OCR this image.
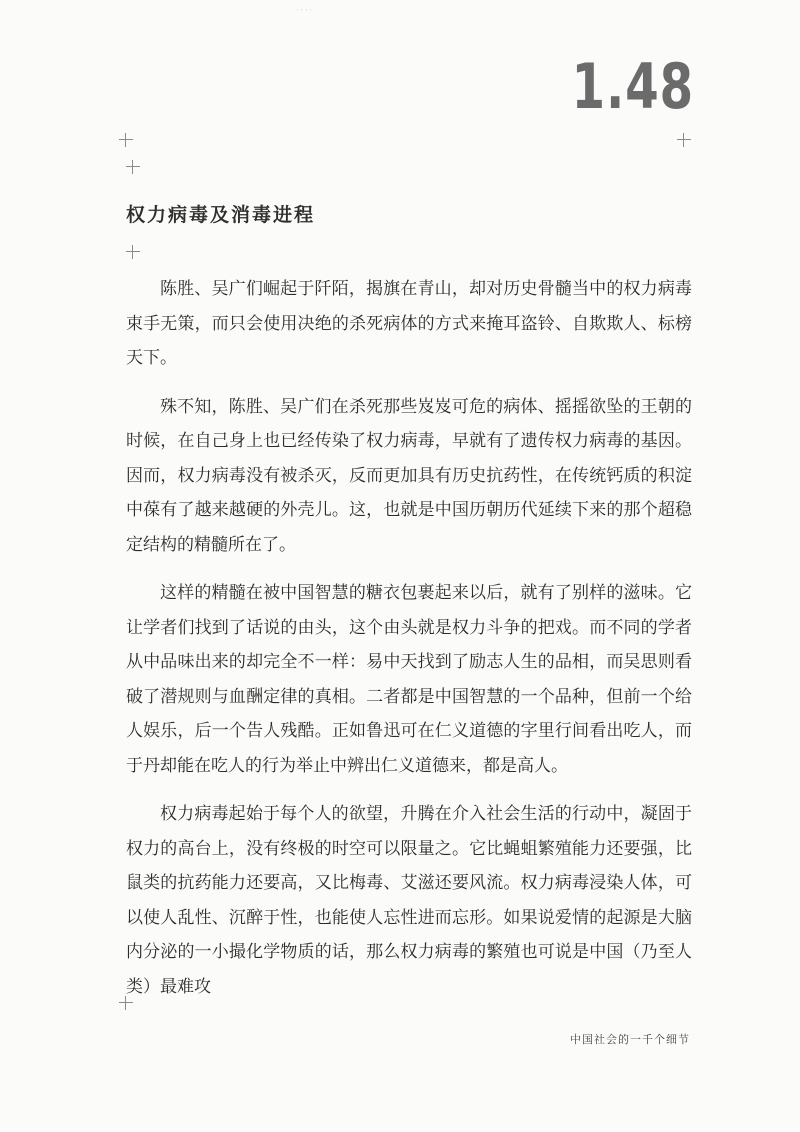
····
1.48
权力病毒及消毒进程

陈胜、吴广们崛起于阡陌，揭旗在青山，却对历史骨髓当中的权力病毒束手无策，而只会使用决绝的杀死病体的方式来掩耳盗铃、自欺欺人、标榜天下。

殊不知，陈胜、吴广们在杀死那些岌岌可危的病体、摇摇欲坠的王朝的时候，在自己身上也已经传染了权力病毒，早就有了遗传权力病毒的基因。因而，权力病毒没有被杀灭，反而更加具有历史抗药性，在传统钙质的积淀中葆有了越来越硬的外壳儿。这，也就是中国历朝历代延续下来的那个超稳定结构的精髓所在了。

这样的精髓在被中国智慧的糖衣包裹起来以后，就有了别样的滋味。它让学者们找到了话说的由头，这个由头就是权力斗争的把戏。而不同的学者从中品味出来的却完全不一样：易中天找到了励志人生的品相，而吴思则看破了潜规则与血酬定律的真相。二者都是中国智慧的一个品种，但前一个给人娱乐，后一个告人残酷。正如鲁迅可在仁义道德的字里行间看出吃人，而于丹却能在吃人的行为举止中辨出仁义道德来，都是高人。

权力病毒起始于每个人的欲望，升腾在介入社会生活的行动中，凝固于权力的高台上，没有终极的时空可以限量之。它比蝇蛆繁殖能力还要强，比鼠类的抗药能力还要高，又比梅毒、艾滋还要风流。权力病毒浸染人体，可以使人乱性、沉醉于性，也能使人忘性进而忘形。如果说爱情的起源是大脑内分泌的一小撮化学物质的话，那么权力病毒的繁殖也可说是中国（乃至人类）最难攻

中国社会的一千个细节
